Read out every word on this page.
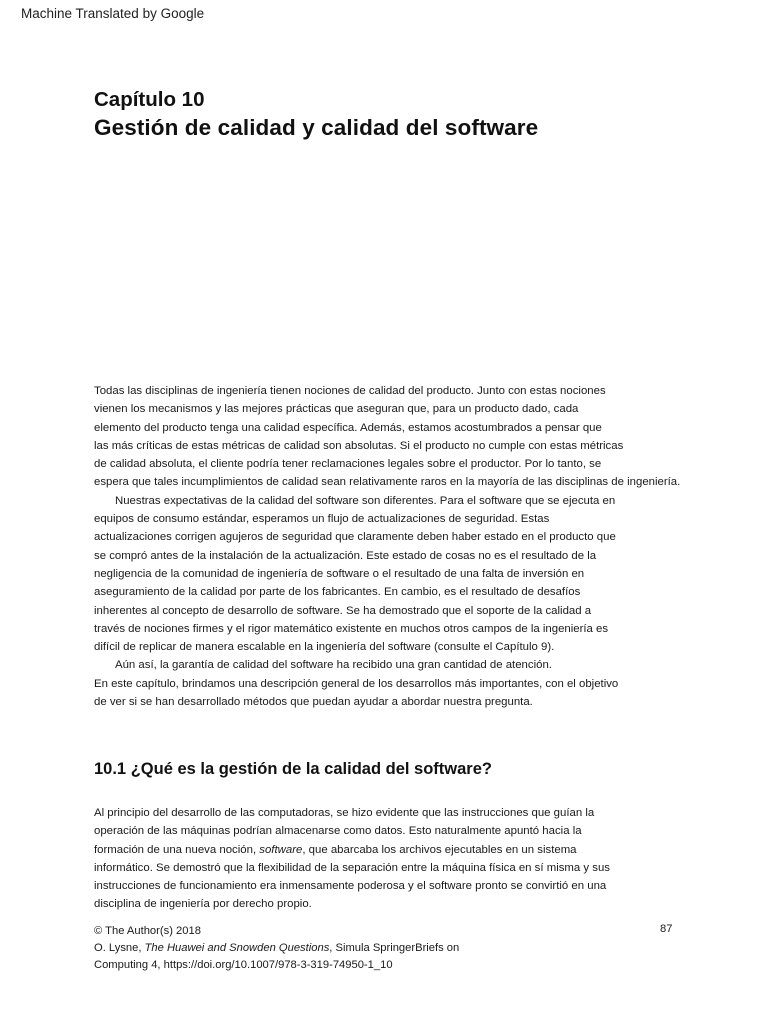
Machine Translated by Google
Capítulo 10
Gestión de calidad y calidad del software
Todas las disciplinas de ingeniería tienen nociones de calidad del producto. Junto con estas nociones
vienen los mecanismos y las mejores prácticas que aseguran que, para un producto dado, cada
elemento del producto tenga una calidad específica. Además, estamos acostumbrados a pensar que
las más críticas de estas métricas de calidad son absolutas. Si el producto no cumple con estas métricas
de calidad absoluta, el cliente podría tener reclamaciones legales sobre el productor. Por lo tanto, se
espera que tales incumplimientos de calidad sean relativamente raros en la mayoría de las disciplinas de ingeniería.
Nuestras expectativas de la calidad del software son diferentes. Para el software que se ejecuta en
equipos de consumo estándar, esperamos un flujo de actualizaciones de seguridad. Estas
actualizaciones corrigen agujeros de seguridad que claramente deben haber estado en el producto que
se compró antes de la instalación de la actualización. Este estado de cosas no es el resultado de la
negligencia de la comunidad de ingeniería de software o el resultado de una falta de inversión en
aseguramiento de la calidad por parte de los fabricantes. En cambio, es el resultado de desafíos
inherentes al concepto de desarrollo de software. Se ha demostrado que el soporte de la calidad a
través de nociones firmes y el rigor matemático existente en muchos otros campos de la ingeniería es
difícil de replicar de manera escalable en la ingeniería del software (consulte el Capítulo 9).
Aún así, la garantía de calidad del software ha recibido una gran cantidad de atención.
En este capítulo, brindamos una descripción general de los desarrollos más importantes, con el objetivo
de ver si se han desarrollado métodos que puedan ayudar a abordar nuestra pregunta.
10.1 ¿Qué es la gestión de la calidad del software?
Al principio del desarrollo de las computadoras, se hizo evidente que las instrucciones que guían la
operación de las máquinas podrían almacenarse como datos. Esto naturalmente apuntó hacia la
formación de una nueva noción, software, que abarcaba los archivos ejecutables en un sistema
informático. Se demostró que la flexibilidad de la separación entre la máquina física en sí misma y sus
instrucciones de funcionamiento era inmensamente poderosa y el software pronto se convirtió en una
disciplina de ingeniería por derecho propio.
© The Author(s) 2018
O. Lysne, The Huawei and Snowden Questions, Simula SpringerBriefs on
Computing 4, https://doi.org/10.1007/978-3-319-74950-1_10
87
